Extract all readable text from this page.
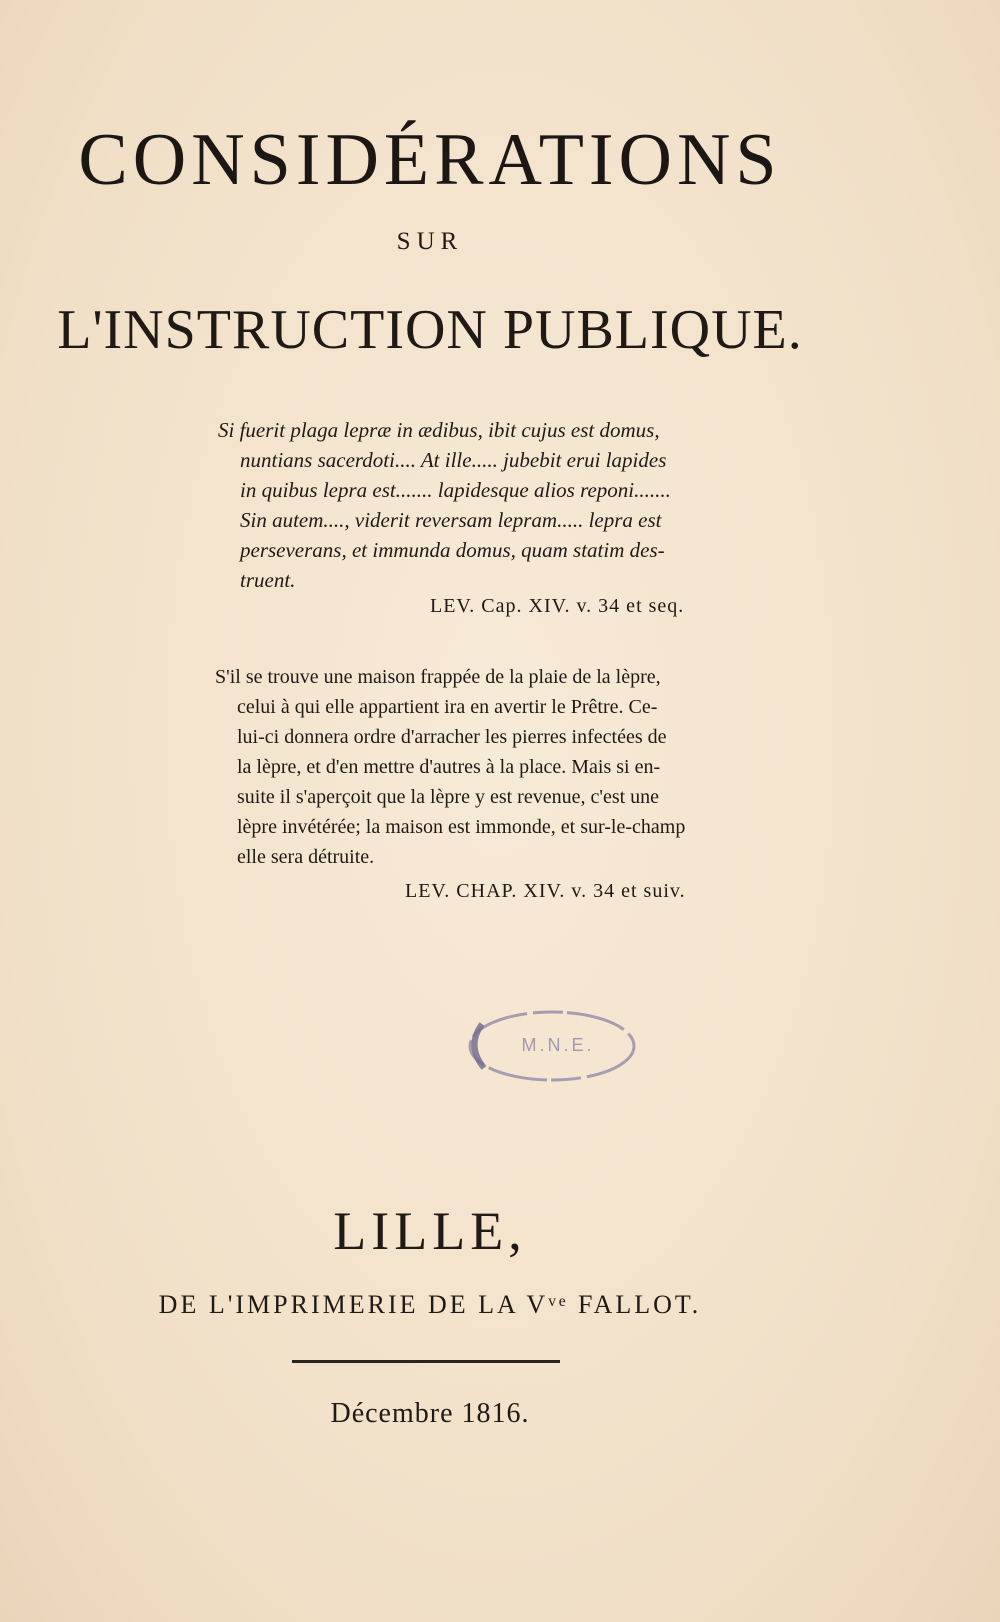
CONSIDÉRATIONS
SUR
L'INSTRUCTION PUBLIQUE.
Si fuerit plaga lepræ in ædibus, ibit cujus est domus,
nuntians sacerdoti.... At ille..... jubebit erui lapides
in quibus lepra est....... lapidesque alios reponi.......
Sin autem...., viderit reversam lepram..... lepra est
perseverans, et immunda domus, quam statim des-
truent.
LEV. Cap. XIV. v. 34 et seq.
S'il se trouve une maison frappée de la plaie de la lèpre,
celui à qui elle appartient ira en avertir le Prêtre. Ce-
lui-ci donnera ordre d'arracher les pierres infectées de
la lèpre, et d'en mettre d'autres à la place. Mais si en-
suite il s'aperçoit que la lèpre y est revenue, c'est une
lèpre invétérée; la maison est immonde, et sur-le-champ
elle sera détruite.
LEV. CHAP. XIV. v. 34 et suiv.
M.N.E.
LILLE,
DE L'IMPRIMERIE DE LA Vᵛᵉ FALLOT.
Décembre 1816.
